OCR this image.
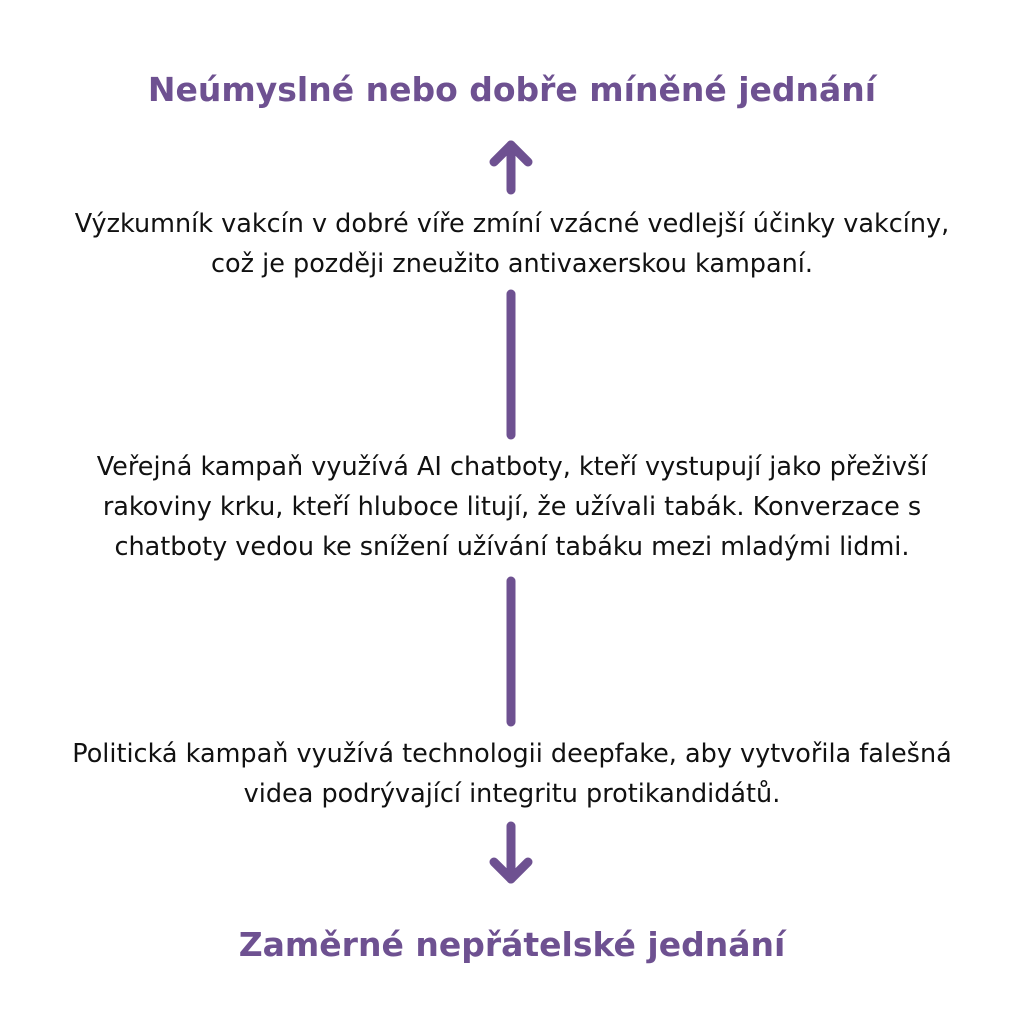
Neúmyslné nebo dobře míněné jednání
Výzkumník vakcín v dobré víře zmíní vzácné vedlejší účinky vakcíny,
což je později zneužito antivaxerskou kampaní.
Veřejná kampaň využívá AI chatboty, kteří vystupují jako přeživší
rakoviny krku, kteří hluboce litují, že užívali tabák. Konverzace s
chatboty vedou ke snížení užívání tabáku mezi mladými lidmi.
Politická kampaň využívá technologii deepfake, aby vytvořila falešná
videa podrývající integritu protikandidátů.
Zaměrné nepřátelské jednání
